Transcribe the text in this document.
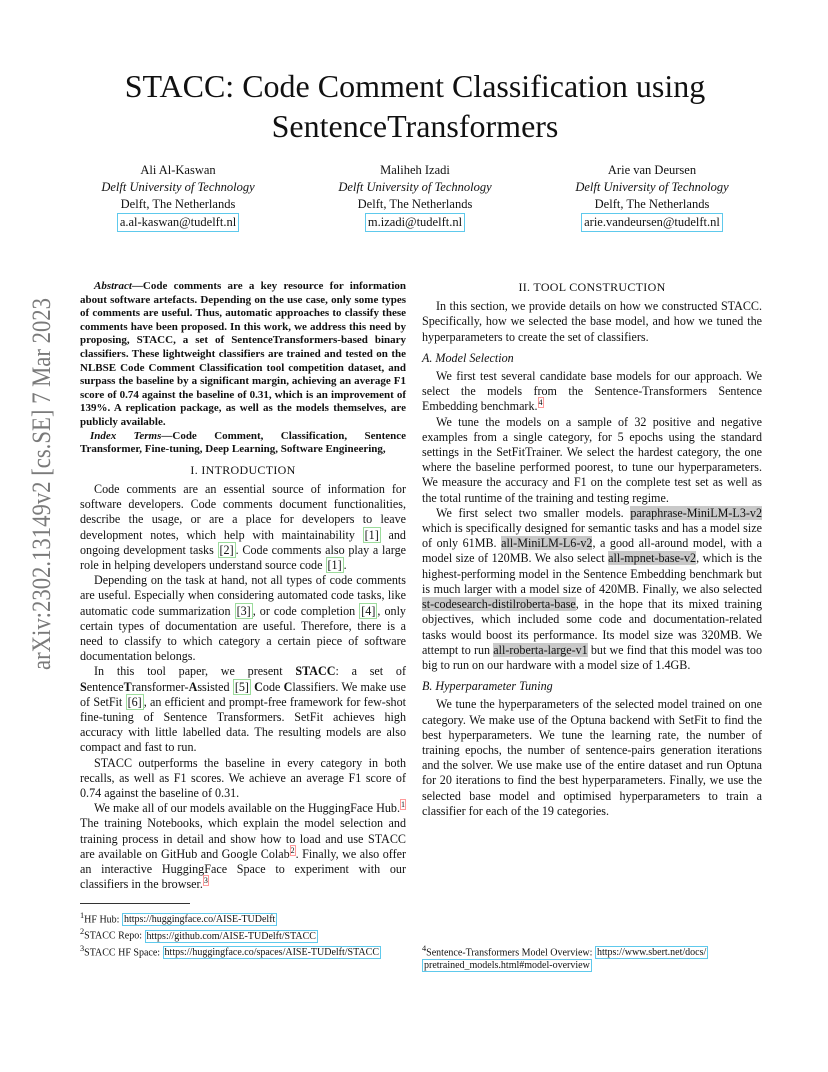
arXiv:2302.13149v2 [cs.SE] 7 Mar 2023
STACC: Code Comment Classification using
SentenceTransformers
Ali Al-Kaswan
Delft University of Technology
Delft, The Netherlands
a.al-kaswan@tudelft.nl
Maliheh Izadi
Delft University of Technology
Delft, The Netherlands
m.izadi@tudelft.nl
Arie van Deursen
Delft University of Technology
Delft, The Netherlands
arie.vandeursen@tudelft.nl

Abstract—Code comments are a key resource for information about software artefacts. Depending on the use case, only some types of comments are useful. Thus, automatic approaches to classify these comments have been proposed. In this work, we address this need by proposing, STACC, a set of SentenceTransformers-based binary classifiers. These lightweight classifiers are trained and tested on the NLBSE Code Comment Classification tool competition dataset, and surpass the baseline by a significant margin, achieving an average F1 score of 0.74 against the baseline of 0.31, which is an improvement of 139%. A replication package, as well as the models themselves, are publicly available.

Index Terms—Code Comment, Classification, Sentence Transformer, Fine-tuning, Deep Learning, Software Engineering,

I. INTRODUCTION

Code comments are an essential source of information for software developers. Code comments document functionalities, describe the usage, or are a place for developers to leave development notes, which help with maintainability [1] and ongoing development tasks [2] . Code comments also play a large role in helping developers understand source code [1] .

Depending on the task at hand, not all types of code comments are useful. Especially when considering automated code tasks, like automatic code summarization [3] , or code completion [4] , only certain types of documentation are useful. Therefore, there is a need to classify to which category a certain piece of software documentation belongs.

In this tool paper, we present STACC: a set of SentenceTransformer-Assisted [5] Code Classifiers. We make use of SetFit [6] , an efficient and prompt-free framework for few-shot fine-tuning of Sentence Transformers. SetFit achieves high accuracy with little labelled data. The resulting models are also compact and fast to run.

STACC outperforms the baseline in every category in both recalls, as well as F1 scores. We achieve an average F1 score of 0.74 against the baseline of 0.31.

We make all of our models available on the HuggingFace Hub.$^1$ The training Notebooks, which explain the model selection and training process in detail and show how to load and use STACC are available on GitHub and Google Colab$^2$. Finally, we also offer an interactive HuggingFace Space to experiment with our classifiers in the browser.$^3$

$^1$HF Hub: https://huggingface.co/AISE-TUDelft
$^2$STACC Repo: https://github.com/AISE-TUDelft/STACC
$^3$STACC HF Space: https://huggingface.co/spaces/AISE-TUDelft/STACC
II. TOOL CONSTRUCTION

In this section, we provide details on how we constructed STACC. Specifically, how we selected the base model, and how we tuned the hyperparameters to create the set of classifiers.

A. Model Selection

We first test several candidate base models for our approach. We select the models from the Sentence-Transformers Sentence Embedding benchmark.$^4$

We tune the models on a sample of 32 positive and negative examples from a single category, for 5 epochs using the standard settings in the SetFitTrainer. We select the hardest category, the one where the baseline performed poorest, to tune our hyperparameters. We measure the accuracy and F1 on the complete test set as well as the total runtime of the training and testing regime.

We first select two smaller models. paraphrase-MiniLM-L3-v2 which is specifically designed for semantic tasks and has a model size of only 61MB. all-MiniLM-L6-v2, a good all-around model, with a model size of 120MB. We also select all-mpnet-base-v2, which is the highest-performing model in the Sentence Embedding benchmark but is much larger with a model size of 420MB. Finally, we also selected st-codesearch-distilroberta-base, in the hope that its mixed training objectives, which included some code and documentation-related tasks would boost its performance. Its model size was 320MB. We attempt to run all-roberta-large-v1 but we find that this model was too big to run on our hardware with a model size of 1.4GB.

B. Hyperparameter Tuning

We tune the hyperparameters of the selected model trained on one category. We make use of the Optuna backend with SetFit to find the best hyperparameters. We tune the learning rate, the number of training epochs, the number of sentence-pairs generation iterations and the solver. We use make use of the entire dataset and run Optuna for 20 iterations to find the best hyperparameters. Finally, we use the selected base model and optimised hyperparameters to train a classifier for each of the 19 categories.

$^4$Sentence-Transformers Model Overview: https://www.sbert.net/docs/
pretrained_models.html#model-overview
